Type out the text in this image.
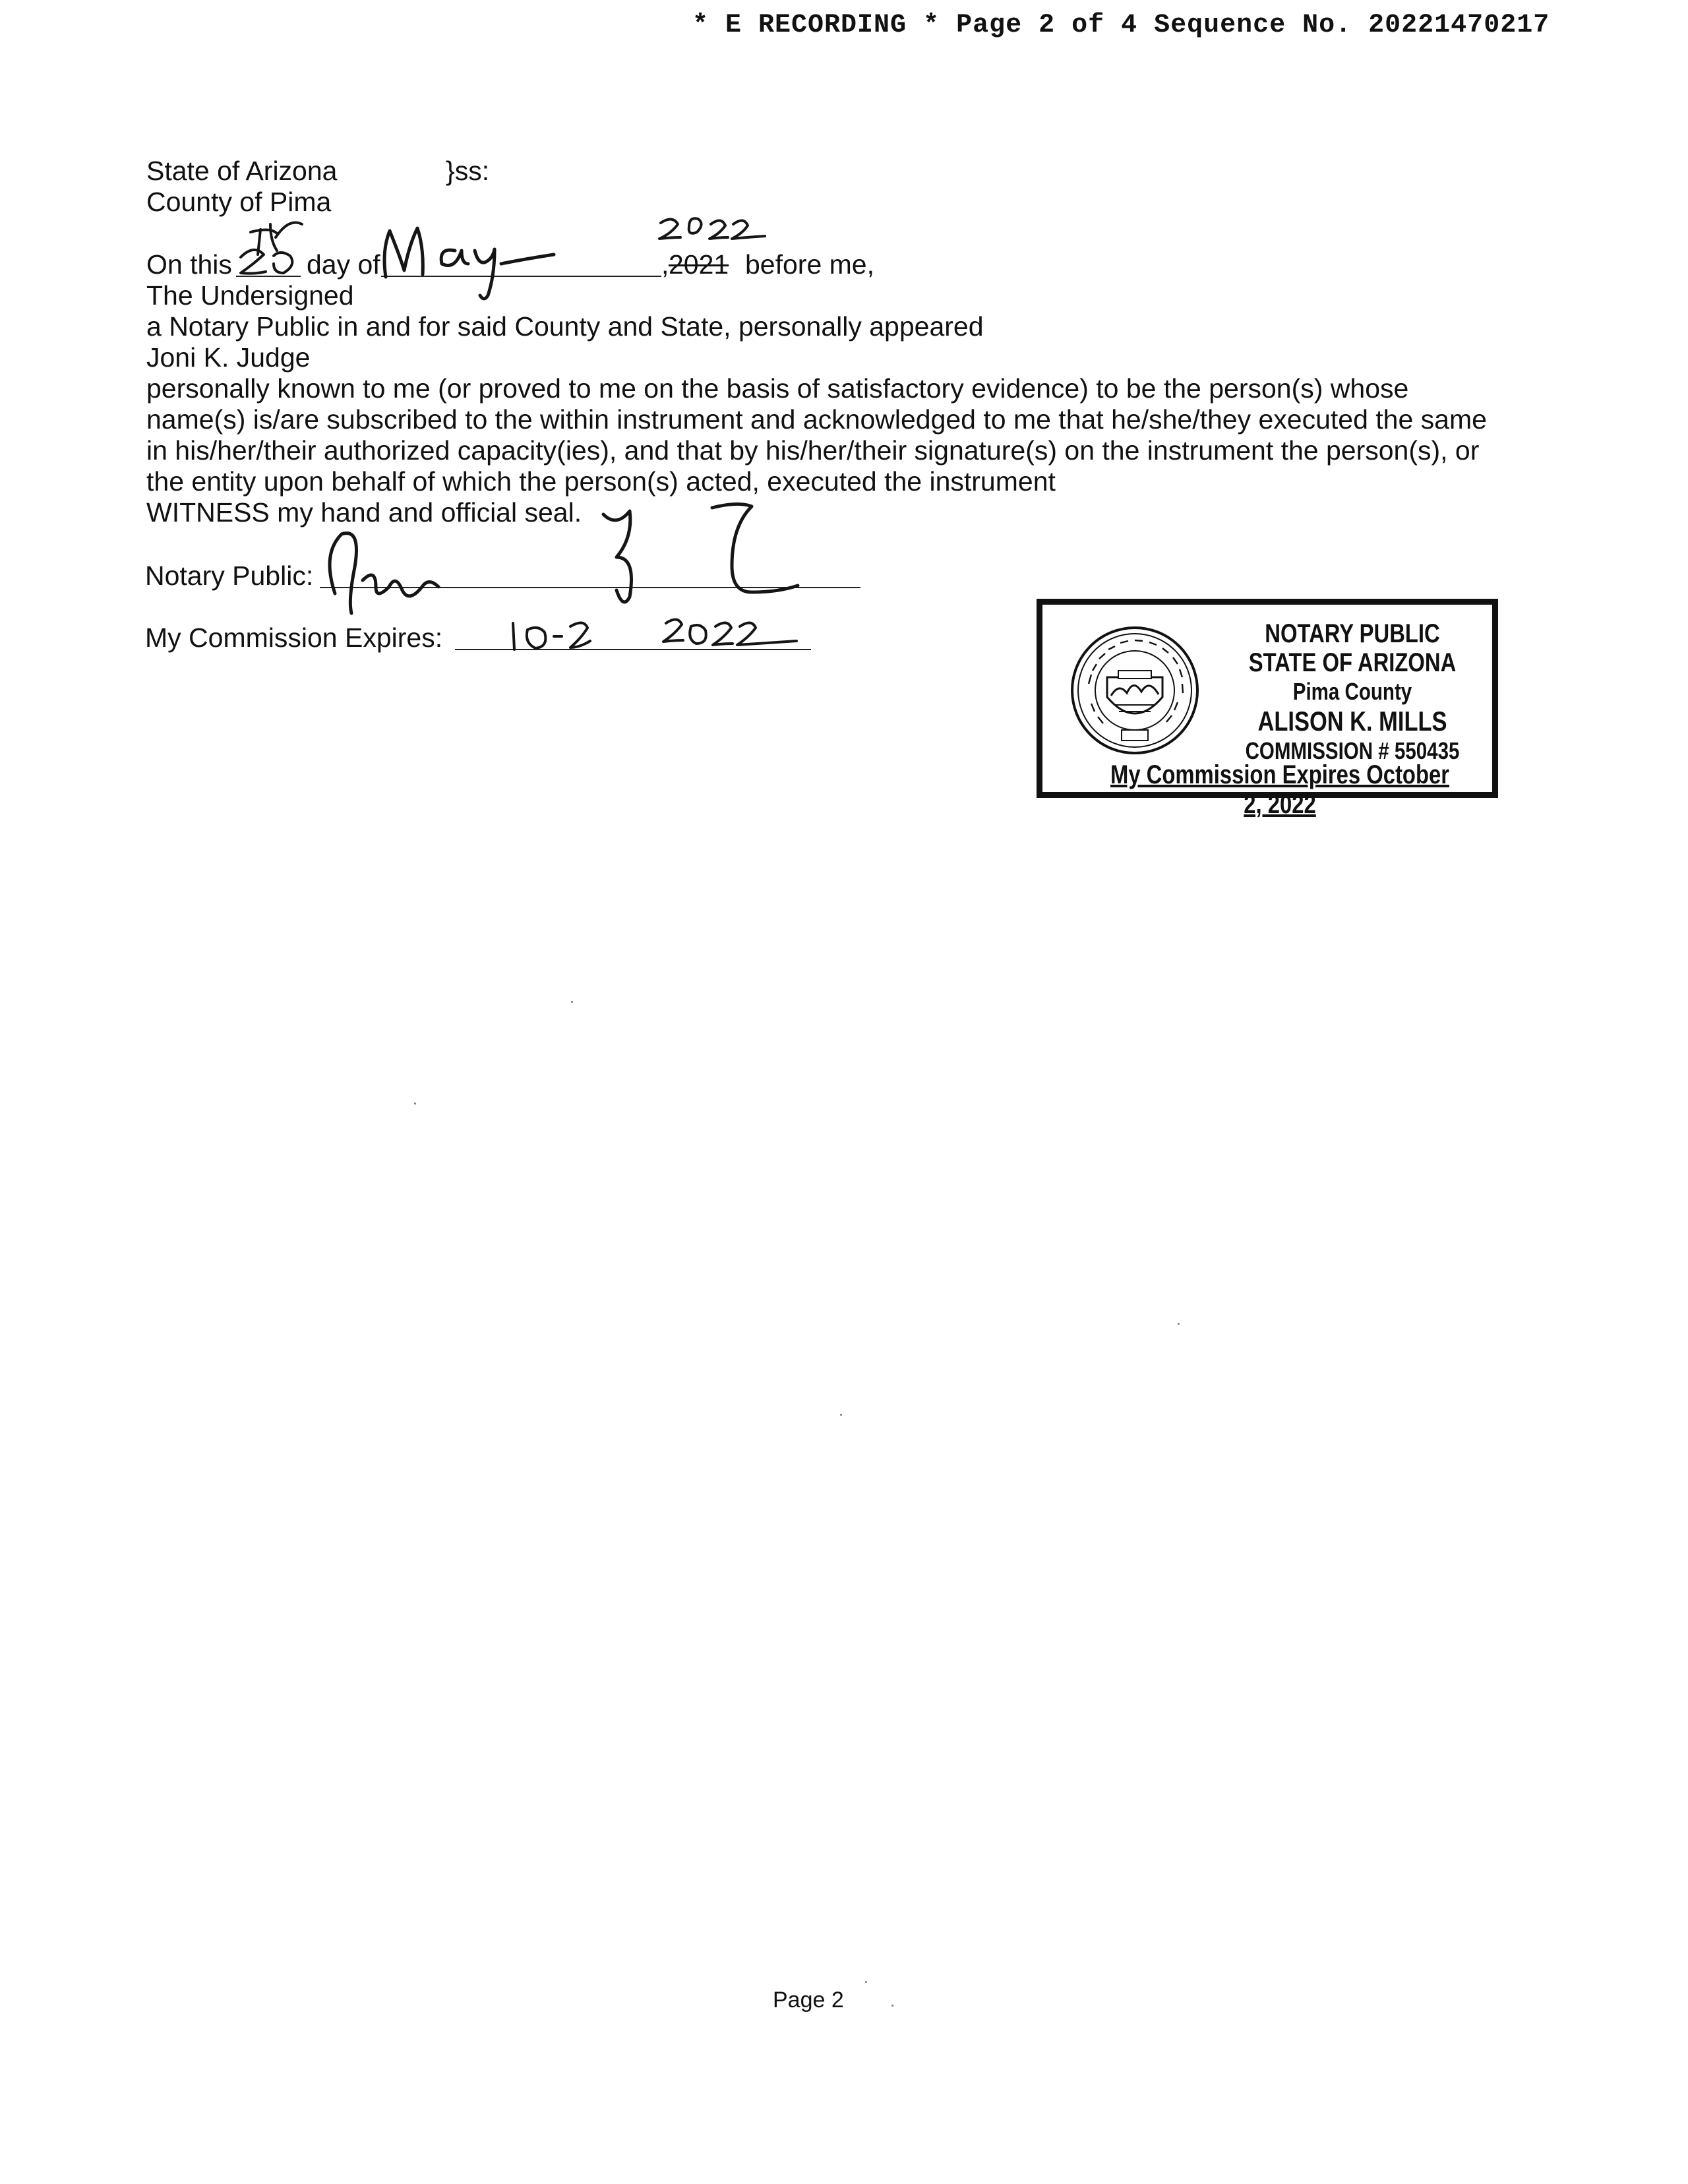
* E RECORDING * Page 2 of 4 Sequence No. 20221470217
State of Arizona	}ss:
County of Pima
On this	day of	, 2021 before me,
The Undersigned
a Notary Public in and for said County and State, personally appeared
Joni K. Judge
personally known to me (or proved to me on the basis of satisfactory evidence) to be the person(s) whose
name(s) is/are subscribed to the within instrument and acknowledged to me that he/she/they executed the same
in his/her/their authorized capacity(ies), and that by his/her/their signature(s) on the instrument the person(s), or
the entity upon behalf of which the person(s) acted, executed the instrument
WITNESS my hand and official seal.
Notary Public:
My Commission Expires:	NOTARY PUBLIC
STATE OF ARIZONA
Pima County
ALISON K. MILLS
COMMISSION # 550435
My Commission Expires October 2, 2022
Page 2
